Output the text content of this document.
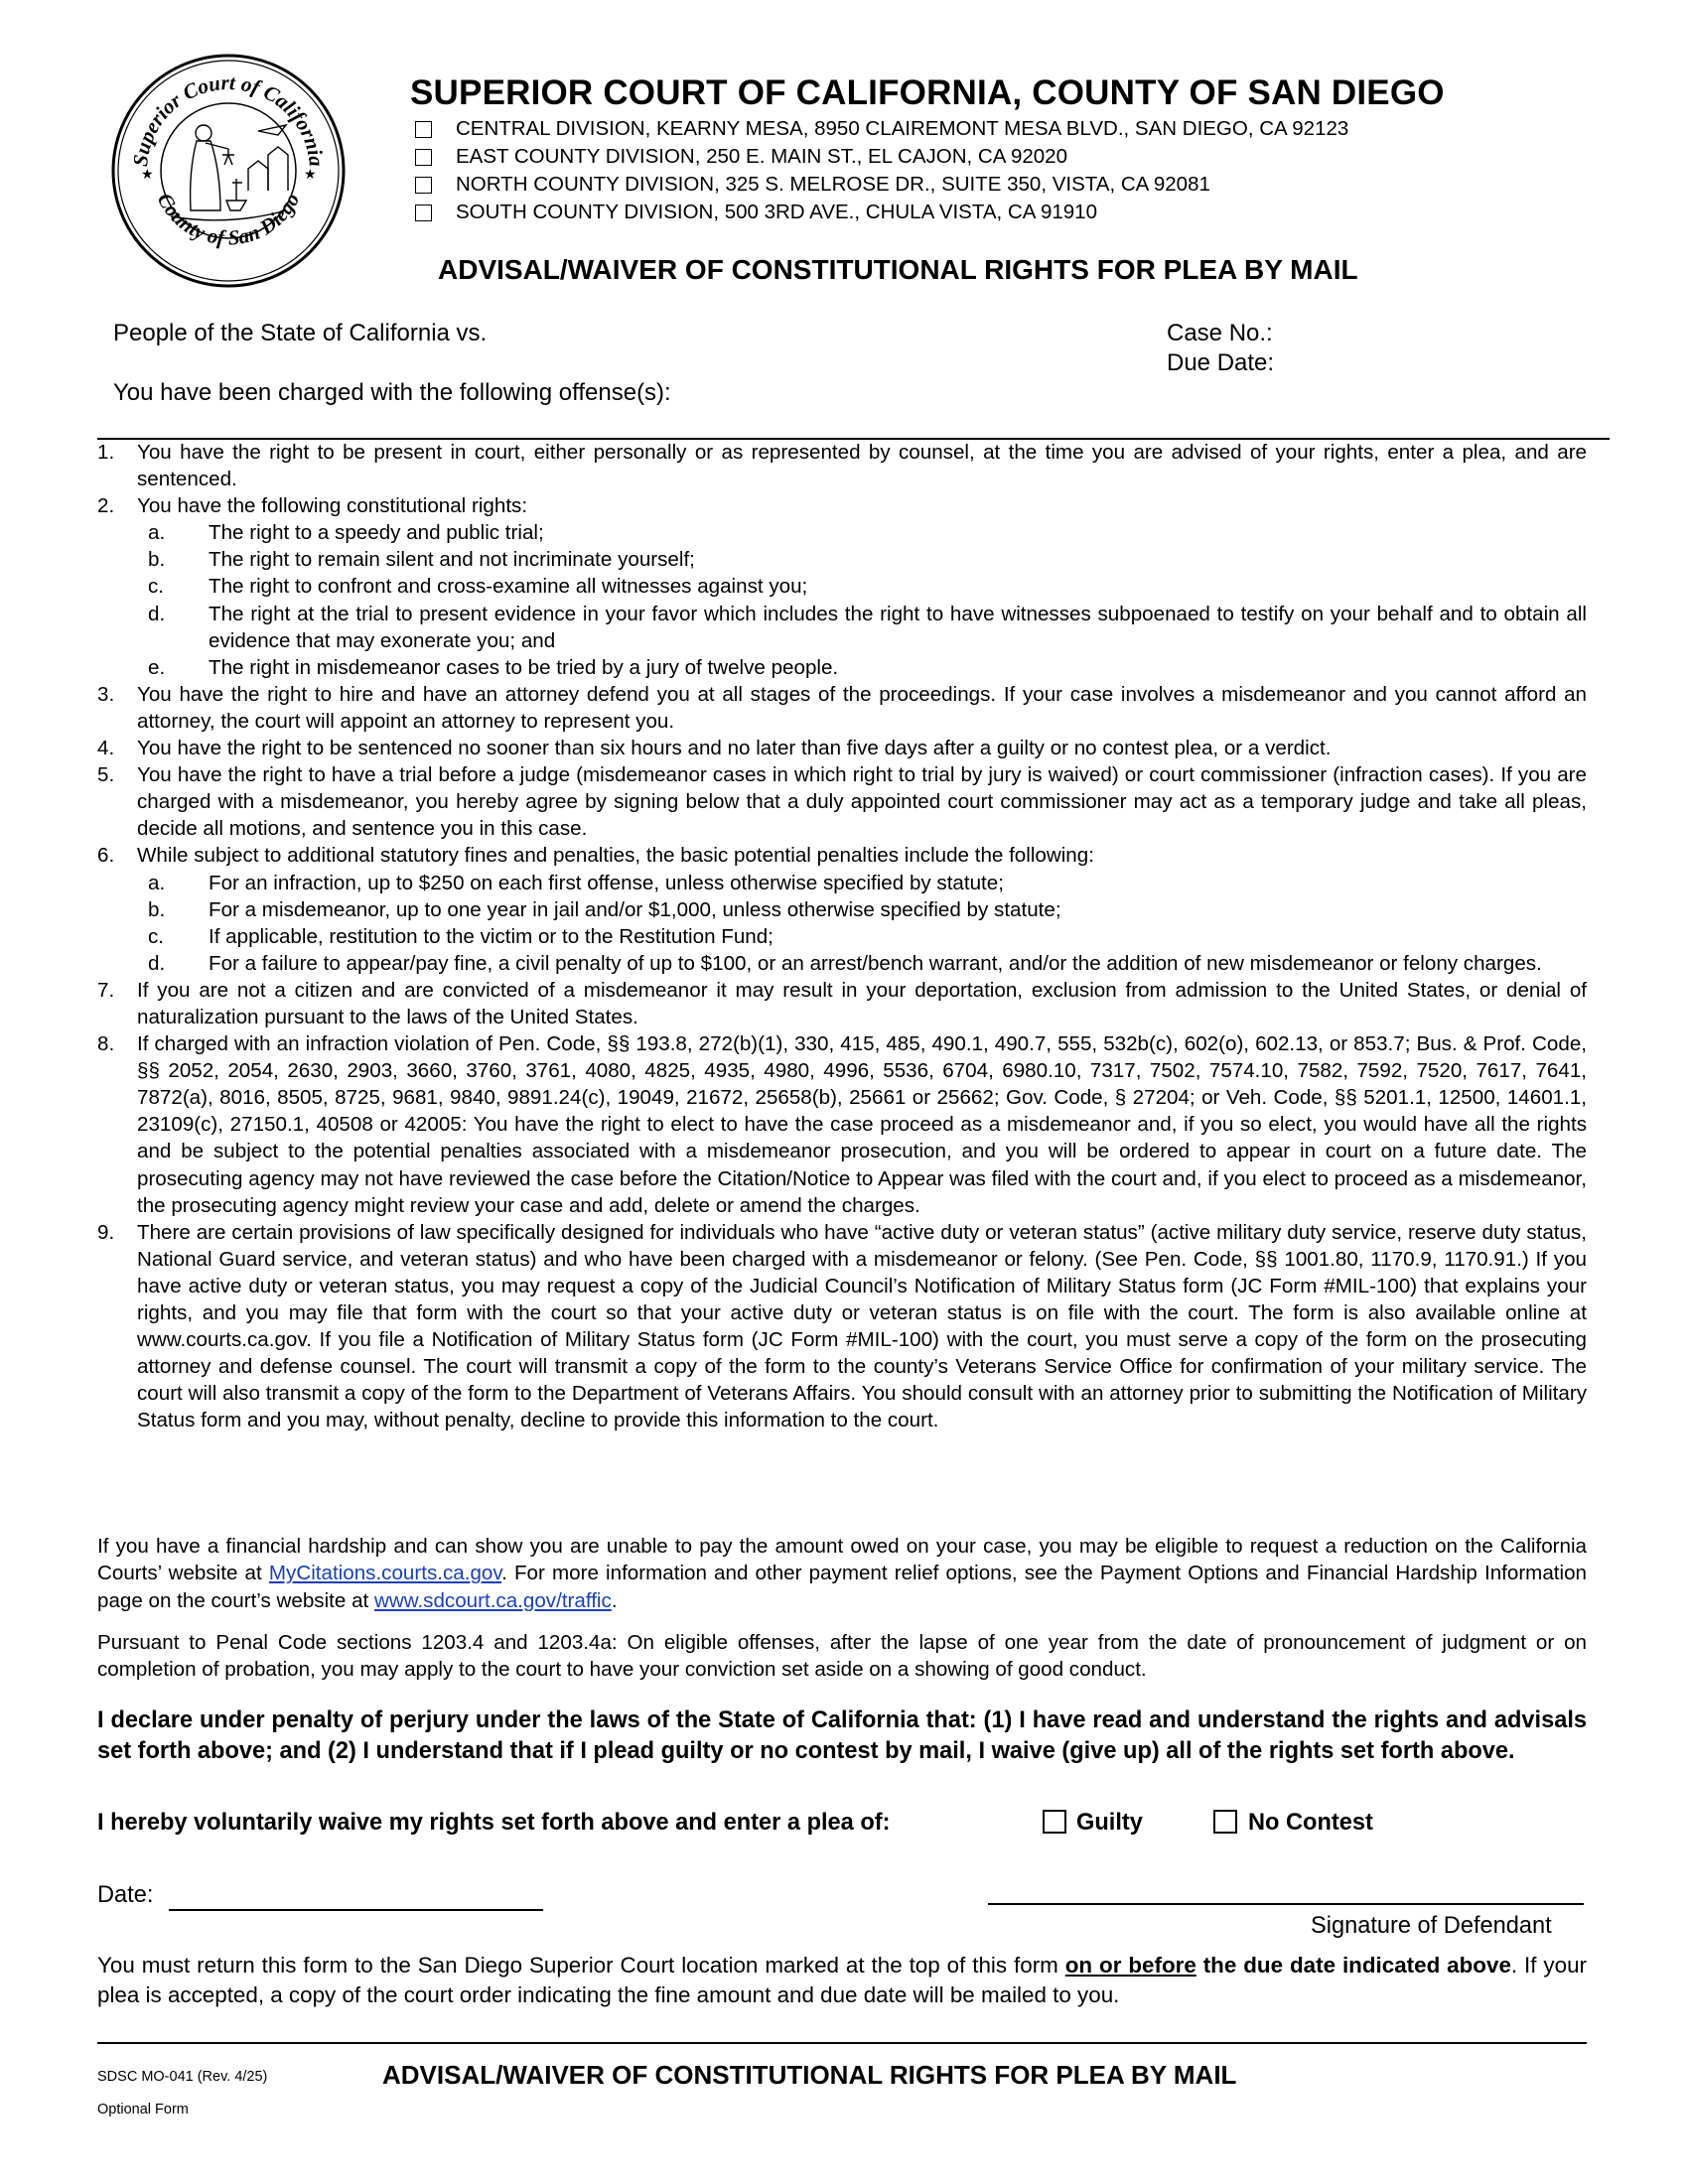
Superior Court of California
County of San Diego
★	★
SUPERIOR COURT OF CALIFORNIA, COUNTY OF SAN DIEGO
CENTRAL DIVISION, KEARNY MESA, 8950 CLAIREMONT MESA BLVD., SAN DIEGO, CA 92123
EAST COUNTY DIVISION, 250 E. MAIN ST., EL CAJON, CA 92020
NORTH COUNTY DIVISION, 325 S. MELROSE DR., SUITE 350, VISTA, CA 92081
SOUTH COUNTY DIVISION, 500 3RD AVE., CHULA VISTA, CA 91910
ADVISAL/WAIVER OF CONSTITUTIONAL RIGHTS FOR PLEA BY MAIL
People of the State of California vs.	Case No.:
Due Date:
You have been charged with the following offense(s):
1.	You have the right to be present in court, either personally or as represented by counsel, at the time you are advised of your rights, enter a plea, and are sentenced.
2.	You have the following constitutional rights:
a.	The right to a speedy and public trial;
b.	The right to remain silent and not incriminate yourself;
c.	The right to confront and cross-examine all witnesses against you;
d.	The right at the trial to present evidence in your favor which includes the right to have witnesses subpoenaed to testify on your behalf and to obtain all evidence that may exonerate you; and
e.	The right in misdemeanor cases to be tried by a jury of twelve people.
3.	You have the right to hire and have an attorney defend you at all stages of the proceedings. If your case involves a misdemeanor and you cannot afford an attorney, the court will appoint an attorney to represent you.
4.	You have the right to be sentenced no sooner than six hours and no later than five days after a guilty or no contest plea, or a verdict.
5.	You have the right to have a trial before a judge (misdemeanor cases in which right to trial by jury is waived) or court commissioner (infraction cases). If you are charged with a misdemeanor, you hereby agree by signing below that a duly appointed court commissioner may act as a temporary judge and take all pleas, decide all motions, and sentence you in this case.
6.	While subject to additional statutory fines and penalties, the basic potential penalties include the following:
a.	For an infraction, up to $250 on each first offense, unless otherwise specified by statute;
b.	For a misdemeanor, up to one year in jail and/or $1,000, unless otherwise specified by statute;
c.	If applicable, restitution to the victim or to the Restitution Fund;
d.	For a failure to appear/pay fine, a civil penalty of up to $100, or an arrest/bench warrant, and/or the addition of new misdemeanor or felony charges.
7.	If you are not a citizen and are convicted of a misdemeanor it may result in your deportation, exclusion from admission to the United States, or denial of naturalization pursuant to the laws of the United States.
8.	If charged with an infraction violation of Pen. Code, §§ 193.8, 272(b)(1), 330, 415, 485, 490.1, 490.7, 555, 532b(c), 602(o), 602.13, or 853.7; Bus. & Prof. Code, §§ 2052, 2054, 2630, 2903, 3660, 3760, 3761, 4080, 4825, 4935, 4980, 4996, 5536, 6704, 6980.10, 7317, 7502, 7574.10, 7582, 7592, 7520, 7617, 7641, 7872(a), 8016, 8505, 8725, 9681, 9840, 9891.24(c), 19049, 21672, 25658(b), 25661 or 25662; Gov. Code, § 27204; or Veh. Code, §§ 5201.1, 12500, 14601.1, 23109(c), 27150.1, 40508 or 42005: You have the right to elect to have the case proceed as a misdemeanor and, if you so elect, you would have all the rights and be subject to the potential penalties associated with a misdemeanor prosecution, and you will be ordered to appear in court on a future date. The prosecuting agency may not have reviewed the case before the Citation/Notice to Appear was filed with the court and, if you elect to proceed as a misdemeanor, the prosecuting agency might review your case and add, delete or amend the charges.
9.	There are certain provisions of law specifically designed for individuals who have “active duty or veteran status” (active military duty service, reserve duty status, National Guard service, and veteran status) and who have been charged with a misdemeanor or felony. (See Pen. Code, §§ 1001.80, 1170.9, 1170.91.) If you have active duty or veteran status, you may request a copy of the Judicial Council’s Notification of Military Status form (JC Form #MIL-100) that explains your rights, and you may file that form with the court so that your active duty or veteran status is on file with the court. The form is also available online at www.courts.ca.gov. If you file a Notification of Military Status form (JC Form #MIL-100) with the court, you must serve a copy of the form on the prosecuting attorney and defense counsel. The court will transmit a copy of the form to the county’s Veterans Service Office for confirmation of your military service. The court will also transmit a copy of the form to the Department of Veterans Affairs. You should consult with an attorney prior to submitting the Notification of Military Status form and you may, without penalty, decline to provide this information to the court.
If you have a financial hardship and can show you are unable to pay the amount owed on your case, you may be eligible to request a reduction on the California Courts’ website at MyCitations.courts.ca.gov. For more information and other payment relief options, see the Payment Options and Financial Hardship Information page on the court’s website at www.sdcourt.ca.gov/traffic.
Pursuant to Penal Code sections 1203.4 and 1203.4a: On eligible offenses, after the lapse of one year from the date of pronouncement of judgment or on completion of probation, you may apply to the court to have your conviction set aside on a showing of good conduct.
I declare under penalty of perjury under the laws of the State of California that: (1) I have read and understand the rights and advisals set forth above; and (2) I understand that if I plead guilty or no contest by mail, I waive (give up) all of the rights set forth above.
I hereby voluntarily waive my rights set forth above and enter a plea of:	Guilty	No Contest
Date:
Signature of Defendant
You must return this form to the San Diego Superior Court location marked at the top of this form on or before the due date indicated above. If your plea is accepted, a copy of the court order indicating the fine amount and due date will be mailed to you.
SDSC MO-041 (Rev. 4/25)
Optional Form
ADVISAL/WAIVER OF CONSTITUTIONAL RIGHTS FOR PLEA BY MAIL
